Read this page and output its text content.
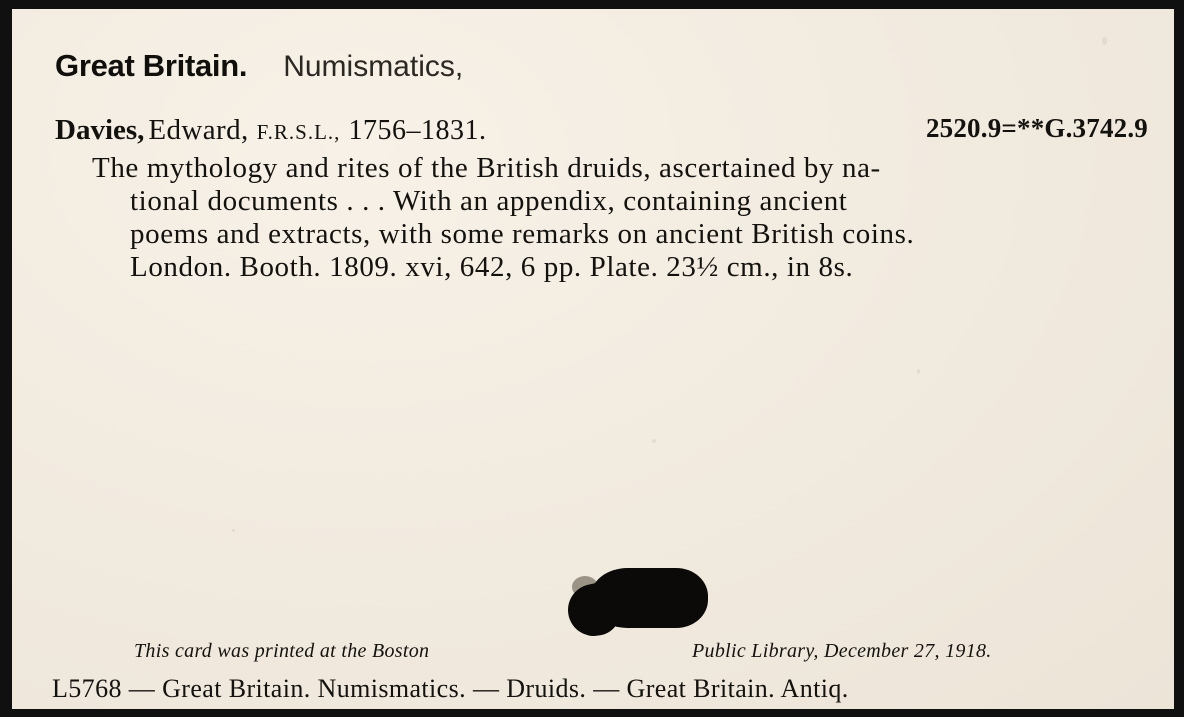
Great Britain. Numismatics,
Davies, Edward, F.R.S.L., 1756–1831.	2520.9=**G.3742.9
The mythology and rites of the British druids, ascertained by na-
tional documents . . . With an appendix, containing ancient
poems and extracts, with some remarks on ancient British coins.
London. Booth. 1809. xvi, 642, 6 pp. Plate. 23½ cm., in 8s.
This card was printed at the Boston	Public Library, December 27, 1918.
L5768 — Great Britain. Numismatics. — Druids. — Great Britain. Antiq.
